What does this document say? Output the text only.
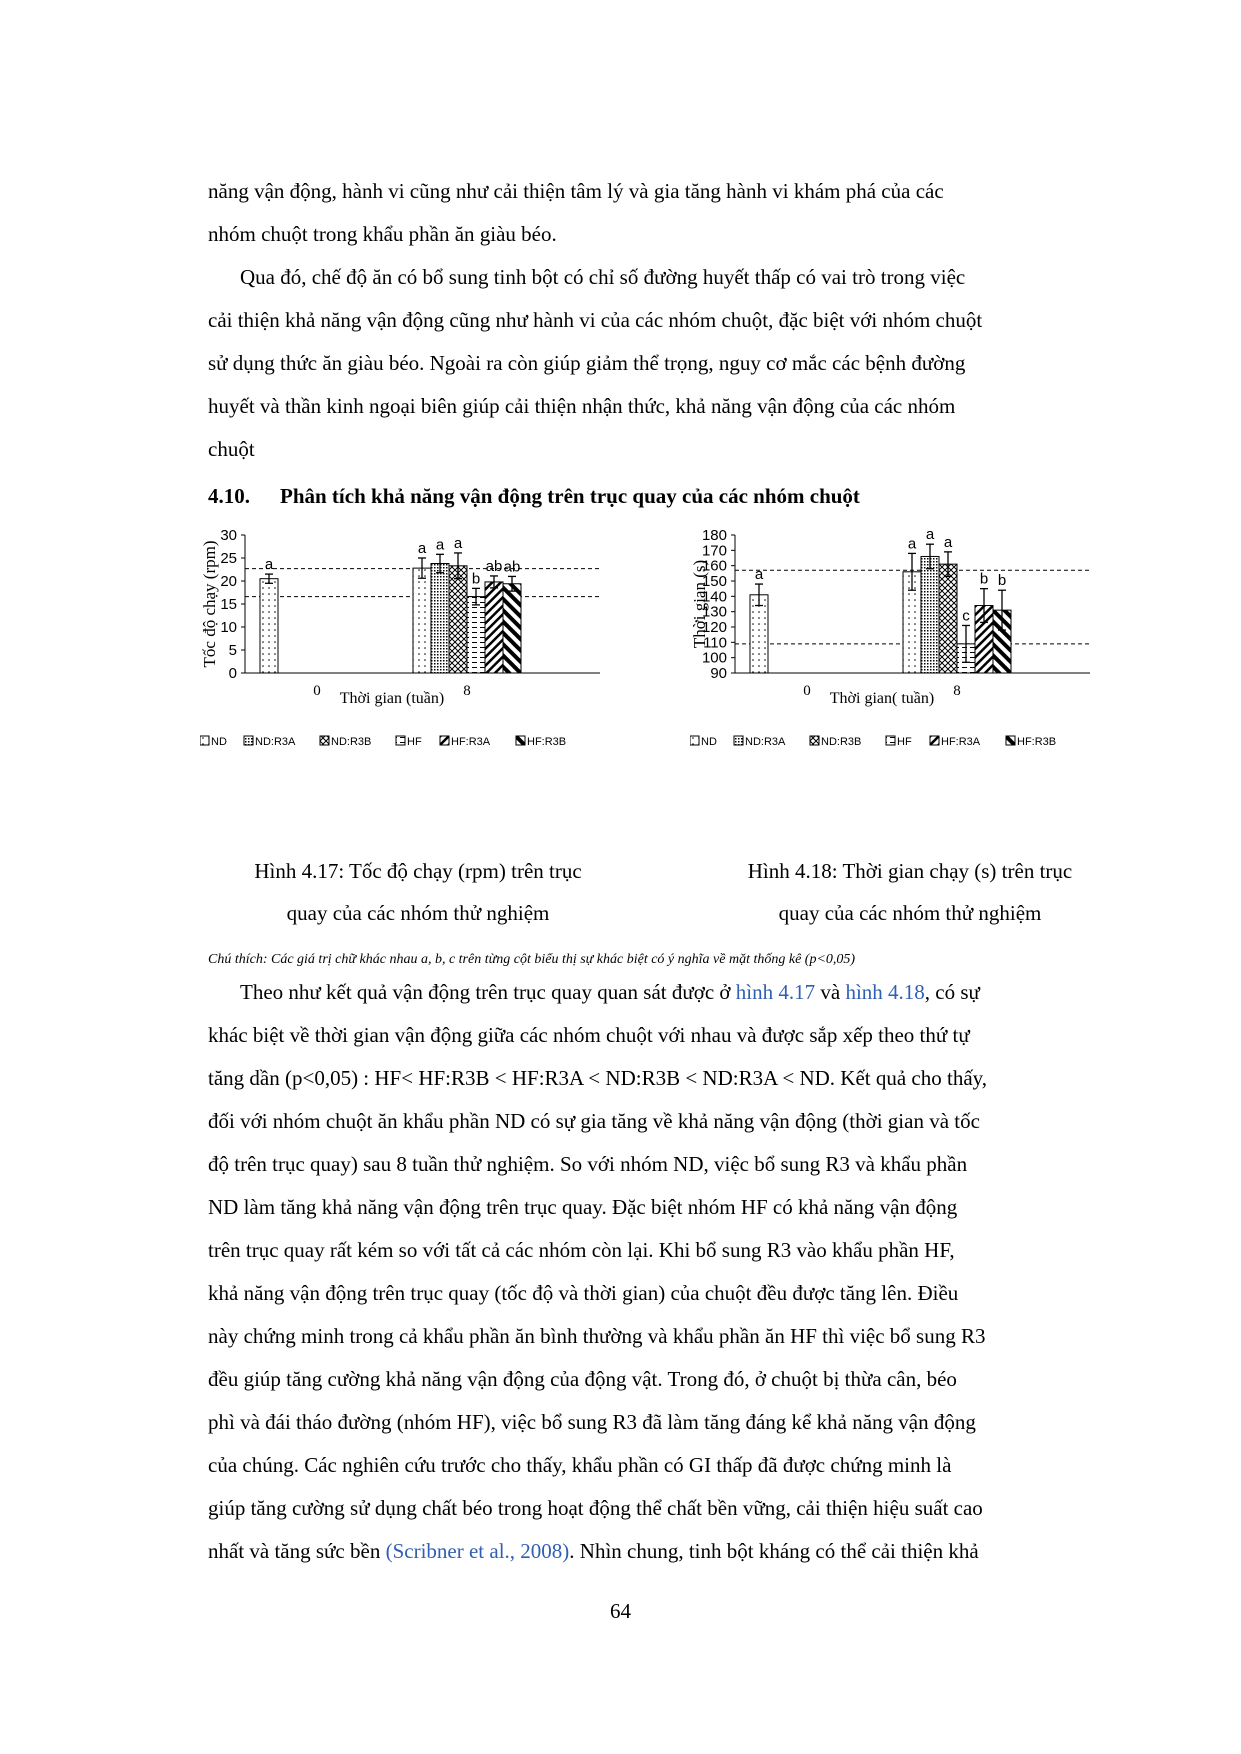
năng vận động, hành vi cũng như cải thiện tâm lý và gia tăng hành vi khám phá của các
nhóm chuột trong khẩu phần ăn giàu béo.
Qua đó, chế độ ăn có bổ sung tinh bột có chỉ số đường huyết thấp có vai trò trong việc
cải thiện khả năng vận động cũng như hành vi của các nhóm chuột, đặc biệt với nhóm chuột
sử dụng thức ăn giàu béo. Ngoài ra còn giúp giảm thể trọng, nguy cơ mắc các bệnh đường
huyết và thần kinh ngoại biên giúp cải thiện nhận thức, khả năng vận động của các nhóm
chuột
4.10. Phân tích khả năng vận động trên trục quay của các nhóm chuột
0
5
10
15
20
25
30
Tốc độ chạy (rpm)	a
a a a
b
ab ab
0	8
Thời gian (tuần)
ND	ND:R3A	ND:R3B	HF	HF:R3A	HF:R3B
90
100
110
120
130
140
150
160
170
180
Thời gian (s)	a
a
a a
c
b b
0	8
Thời gian( tuần)
ND	ND:R3A	ND:R3B	HF	HF:R3A	HF:R3B
Hình 4.17: Tốc độ chạy (rpm) trên trục
quay của các nhóm thử nghiệm
Hình 4.18: Thời gian chạy (s) trên trục
quay của các nhóm thử nghiệm
Chú thích: Các giá trị chữ khác nhau a, b, c trên từng cột biểu thị sự khác biệt có ý nghĩa về mặt thống kê (p<0,05)
Theo như kết quả vận động trên trục quay quan sát được ở hình 4.17 và hình 4.18, có sự
khác biệt về thời gian vận động giữa các nhóm chuột với nhau và được sắp xếp theo thứ tự
tăng dần (p<0,05) : HF< HF:R3B < HF:R3A < ND:R3B < ND:R3A < ND. Kết quả cho thấy,
đối với nhóm chuột ăn khẩu phần ND có sự gia tăng về khả năng vận động (thời gian và tốc
độ trên trục quay) sau 8 tuần thử nghiệm. So với nhóm ND, việc bổ sung R3 và khẩu phần
ND làm tăng khả năng vận động trên trục quay. Đặc biệt nhóm HF có khả năng vận động
trên trục quay rất kém so với tất cả các nhóm còn lại. Khi bổ sung R3 vào khẩu phần HF,
khả năng vận động trên trục quay (tốc độ và thời gian) của chuột đều được tăng lên. Điều
này chứng minh trong cả khẩu phần ăn bình thường và khẩu phần ăn HF thì việc bổ sung R3
đều giúp tăng cường khả năng vận động của động vật. Trong đó, ở chuột bị thừa cân, béo
phì và đái tháo đường (nhóm HF), việc bổ sung R3 đã làm tăng đáng kể khả năng vận động
của chúng. Các nghiên cứu trước cho thấy, khẩu phần có GI thấp đã được chứng minh là
giúp tăng cường sử dụng chất béo trong hoạt động thể chất bền vững, cải thiện hiệu suất cao
nhất và tăng sức bền (Scribner et al., 2008). Nhìn chung, tinh bột kháng có thể cải thiện khả
64
